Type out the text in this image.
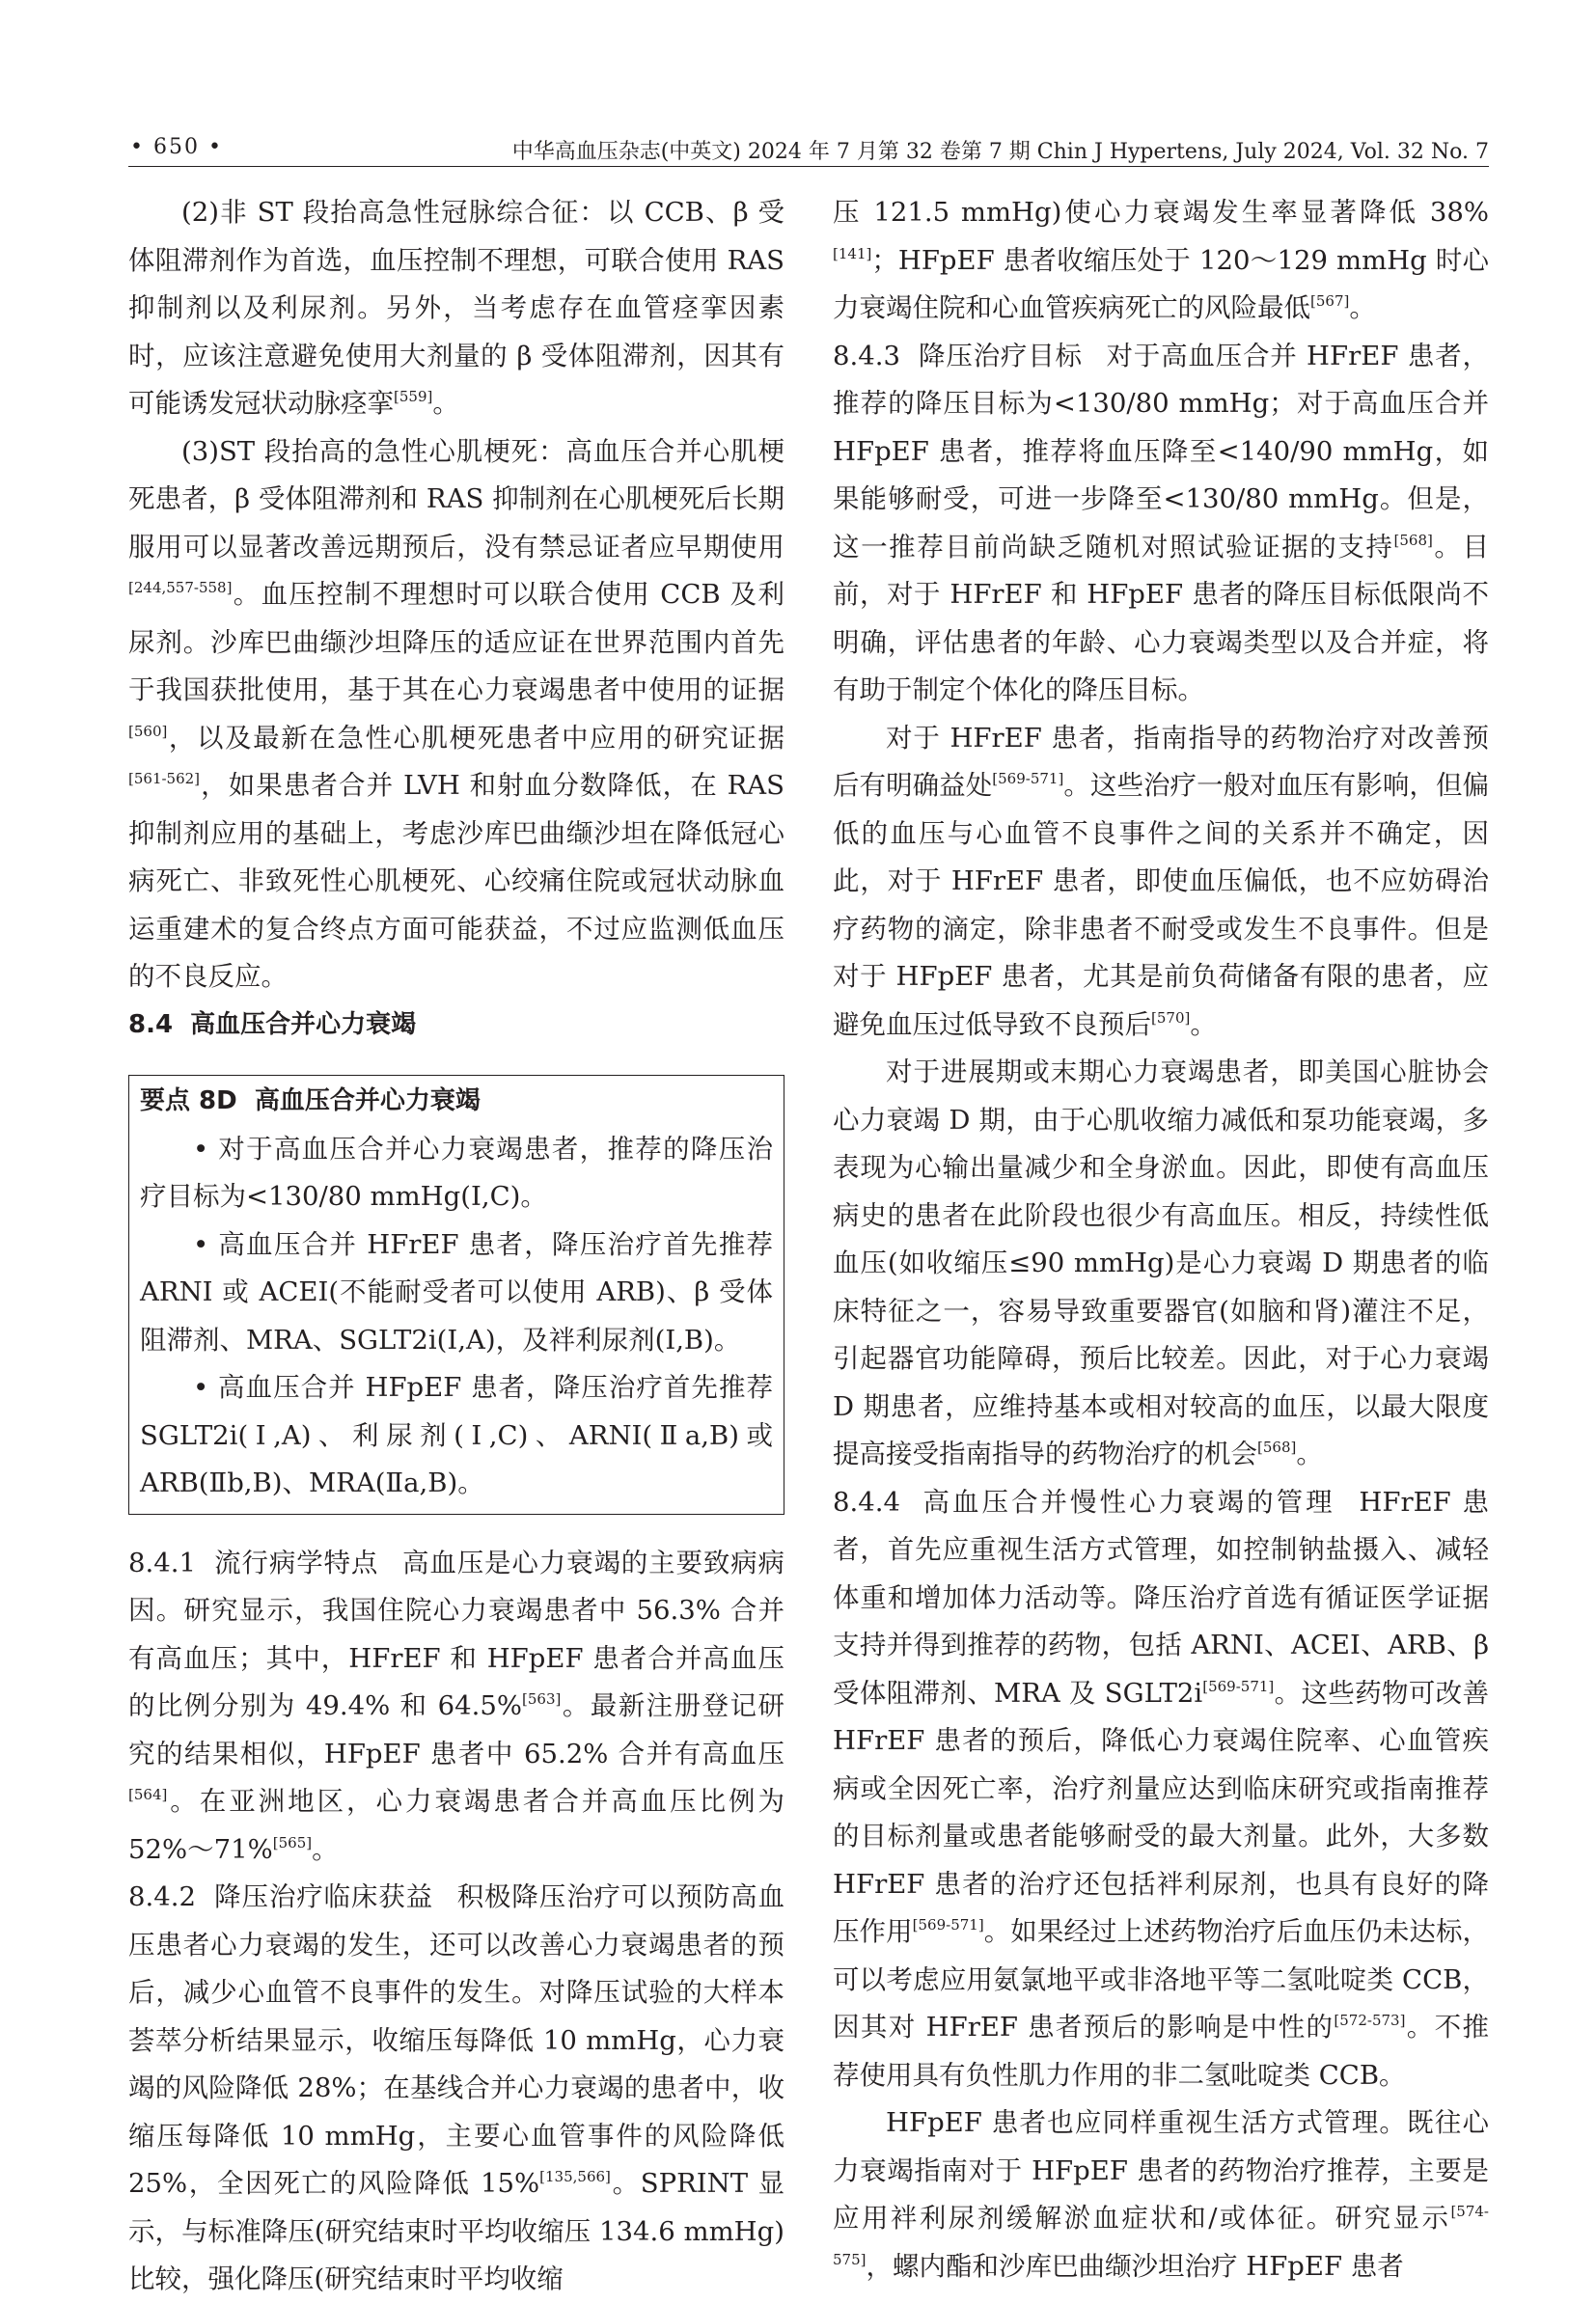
• 650 •	中华高血压杂志(中英文) 2024 年 7 月第 32 卷第 7 期 Chin J Hypertens, July 2024, Vol. 32 No. 7

(2)非 ST 段抬高急性冠脉综合征：以 CCB、β 受体阻滞剂作为首选，血压控制不理想，可联合使用 RAS 抑制剂以及利尿剂。另外，当考虑存在血管痉挛因素时，应该注意避免使用大剂量的 β 受体阻滞剂，因其有可能诱发冠状动脉痉挛[559]。

(3)ST 段抬高的急性心肌梗死：高血压合并心肌梗死患者，β 受体阻滞剂和 RAS 抑制剂在心肌梗死后长期服用可以显著改善远期预后，没有禁忌证者应早期使用[244,557-558]。血压控制不理想时可以联合使用 CCB 及利尿剂。沙库巴曲缬沙坦降压的适应证在世界范围内首先于我国获批使用，基于其在心力衰竭患者中使用的证据[560]，以及最新在急性心肌梗死患者中应用的研究证据[561-562]，如果患者合并 LVH 和射血分数降低，在 RAS 抑制剂应用的基础上，考虑沙库巴曲缬沙坦在降低冠心病死亡、非致死性心肌梗死、心绞痛住院或冠状动脉血运重建术的复合终点方面可能获益，不过应监测低血压的不良反应。

8.4 高血压合并心力衰竭

要点 8D 高血压合并心力衰竭

• 对于高血压合并心力衰竭患者，推荐的降压治疗目标为<130/80 mmHg(Ⅰ,C)。

• 高血压合并 HFrEF 患者，降压治疗首先推荐 ARNI 或 ACEI(不能耐受者可以使用 ARB)、β 受体阻滞剂、MRA、SGLT2i(Ⅰ,A)，及袢利尿剂(Ⅰ,B)。

• 高血压合并 HFpEF 患者，降压治疗首先推荐 SGLT2i(Ⅰ,A)、利尿剂(Ⅰ,C)、ARNI(Ⅱa,B)或 ARB(Ⅱb,B)、MRA(Ⅱa,B)。

8.4.1 流行病学特点 高血压是心力衰竭的主要致病病因。研究显示，我国住院心力衰竭患者中 56.3% 合并有高血压；其中，HFrEF 和 HFpEF 患者合并高血压的比例分别为 49.4% 和 64.5%[563]。最新注册登记研究的结果相似，HFpEF 患者中 65.2% 合并有高血压[564]。在亚洲地区，心力衰竭患者合并高血压比例为 52%～71%[565]。

8.4.2 降压治疗临床获益 积极降压治疗可以预防高血压患者心力衰竭的发生，还可以改善心力衰竭患者的预后，减少心血管不良事件的发生。对降压试验的大样本荟萃分析结果显示，收缩压每降低 10 mmHg，心力衰竭的风险降低 28%；在基线合并心力衰竭的患者中，收缩压每降低 10 mmHg，主要心血管事件的风险降低 25%，全因死亡的风险降低 15%[135,566]。SPRINT 显示，与标准降压(研究结束时平均收缩压 134.6 mmHg)比较，强化降压(研究结束时平均收缩

压 121.5 mmHg)使心力衰竭发生率显著降低 38%[141]；HFpEF 患者收缩压处于 120～129 mmHg 时心力衰竭住院和心血管疾病死亡的风险最低[567]。

8.4.3 降压治疗目标 对于高血压合并 HFrEF 患者，推荐的降压目标为<130/80 mmHg；对于高血压合并 HFpEF 患者，推荐将血压降至<140/90 mmHg，如果能够耐受，可进一步降至<130/80 mmHg。但是，这一推荐目前尚缺乏随机对照试验证据的支持[568]。目前，对于 HFrEF 和 HFpEF 患者的降压目标低限尚不明确，评估患者的年龄、心力衰竭类型以及合并症，将有助于制定个体化的降压目标。

对于 HFrEF 患者，指南指导的药物治疗对改善预后有明确益处[569-571]。这些治疗一般对血压有影响，但偏低的血压与心血管不良事件之间的关系并不确定，因此，对于 HFrEF 患者，即使血压偏低，也不应妨碍治疗药物的滴定，除非患者不耐受或发生不良事件。但是对于 HFpEF 患者，尤其是前负荷储备有限的患者，应避免血压过低导致不良预后[570]。

对于进展期或末期心力衰竭患者，即美国心脏协会心力衰竭 D 期，由于心肌收缩力减低和泵功能衰竭，多表现为心输出量减少和全身淤血。因此，即使有高血压病史的患者在此阶段也很少有高血压。相反，持续性低血压(如收缩压≤90 mmHg)是心力衰竭 D 期患者的临床特征之一，容易导致重要器官(如脑和肾)灌注不足，引起器官功能障碍，预后比较差。因此，对于心力衰竭 D 期患者，应维持基本或相对较高的血压，以最大限度提高接受指南指导的药物治疗的机会[568]。

8.4.4 高血压合并慢性心力衰竭的管理 HFrEF 患者，首先应重视生活方式管理，如控制钠盐摄入、减轻体重和增加体力活动等。降压治疗首选有循证医学证据支持并得到推荐的药物，包括 ARNI、ACEI、ARB、β 受体阻滞剂、MRA 及 SGLT2i[569-571]。这些药物可改善 HFrEF 患者的预后，降低心力衰竭住院率、心血管疾病或全因死亡率，治疗剂量应达到临床研究或指南推荐的目标剂量或患者能够耐受的最大剂量。此外，大多数 HFrEF 患者的治疗还包括袢利尿剂，也具有良好的降压作用[569-571]。如果经过上述药物治疗后血压仍未达标，可以考虑应用氨氯地平或非洛地平等二氢吡啶类 CCB，因其对 HFrEF 患者预后的影响是中性的[572-573]。不推荐使用具有负性肌力作用的非二氢吡啶类 CCB。

HFpEF 患者也应同样重视生活方式管理。既往心力衰竭指南对于 HFpEF 患者的药物治疗推荐，主要是应用袢利尿剂缓解淤血症状和/或体征。研究显示[574-575]，螺内酯和沙库巴曲缬沙坦治疗 HFpEF 患者
